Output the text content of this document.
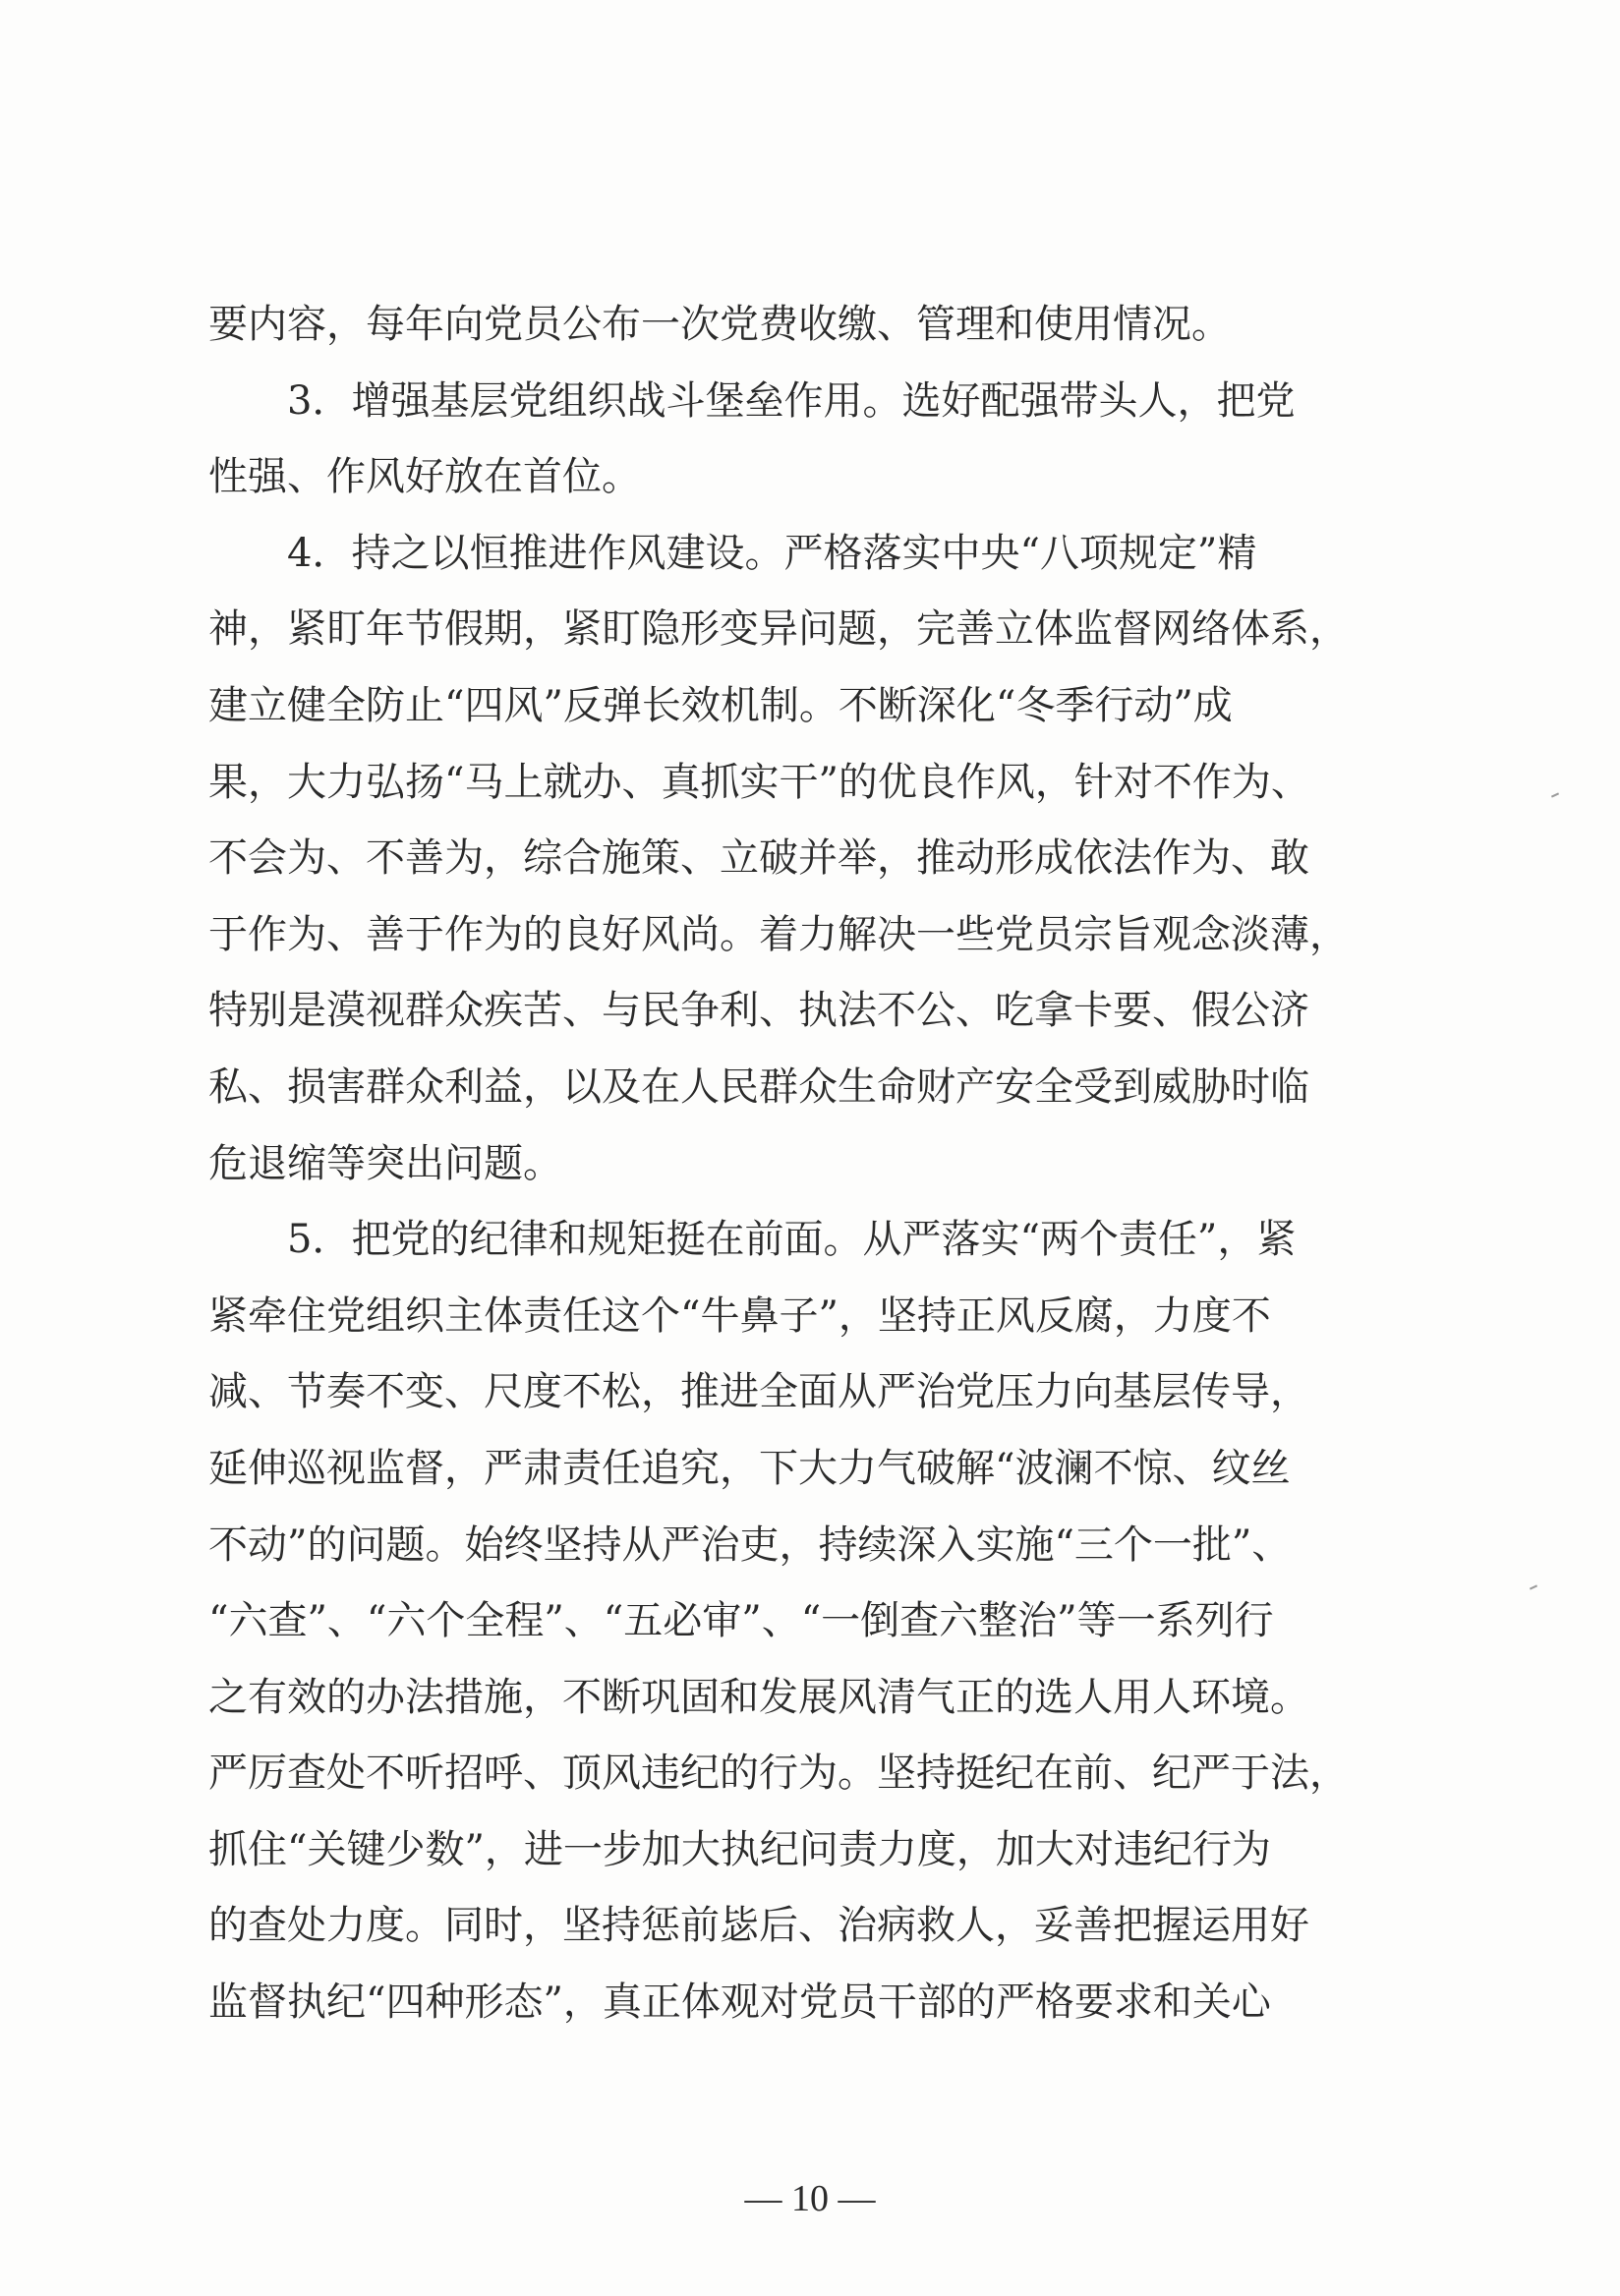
要内容，每年向党员公布一次党费收缴、管理和使用情况。
　　3．增强基层党组织战斗堡垒作用。选好配强带头人，把党
性强、作风好放在首位。
　　4．持之以恒推进作风建设。严格落实中央“八项规定”精
神，紧盯年节假期，紧盯隐形变异问题，完善立体监督网络体系，
建立健全防止“四风”反弹长效机制。不断深化“冬季行动”成
果，大力弘扬“马上就办、真抓实干”的优良作风，针对不作为、
不会为、不善为，综合施策、立破并举，推动形成依法作为、敢
于作为、善于作为的良好风尚。着力解决一些党员宗旨观念淡薄，
特别是漠视群众疾苦、与民争利、执法不公、吃拿卡要、假公济
私、损害群众利益，以及在人民群众生命财产安全受到威胁时临
危退缩等突出问题。
　　5．把党的纪律和规矩挺在前面。从严落实“两个责任”，紧
紧牵住党组织主体责任这个“牛鼻子”，坚持正风反腐，力度不
减、节奏不变、尺度不松，推进全面从严治党压力向基层传导，
延伸巡视监督，严肃责任追究，下大力气破解“波澜不惊、纹丝
不动”的问题。始终坚持从严治吏，持续深入实施“三个一批”、
“六查”、“六个全程”、“五必审”、“一倒查六整治”等一系列行
之有效的办法措施，不断巩固和发展风清气正的选人用人环境。
严厉查处不听招呼、顶风违纪的行为。坚持挺纪在前、纪严于法，
抓住“关键少数”，进一步加大执纪问责力度，加大对违纪行为
的查处力度。同时，坚持惩前毖后、治病救人，妥善把握运用好
监督执纪“四种形态”，真正体观对党员干部的严格要求和关心
— 10 —
